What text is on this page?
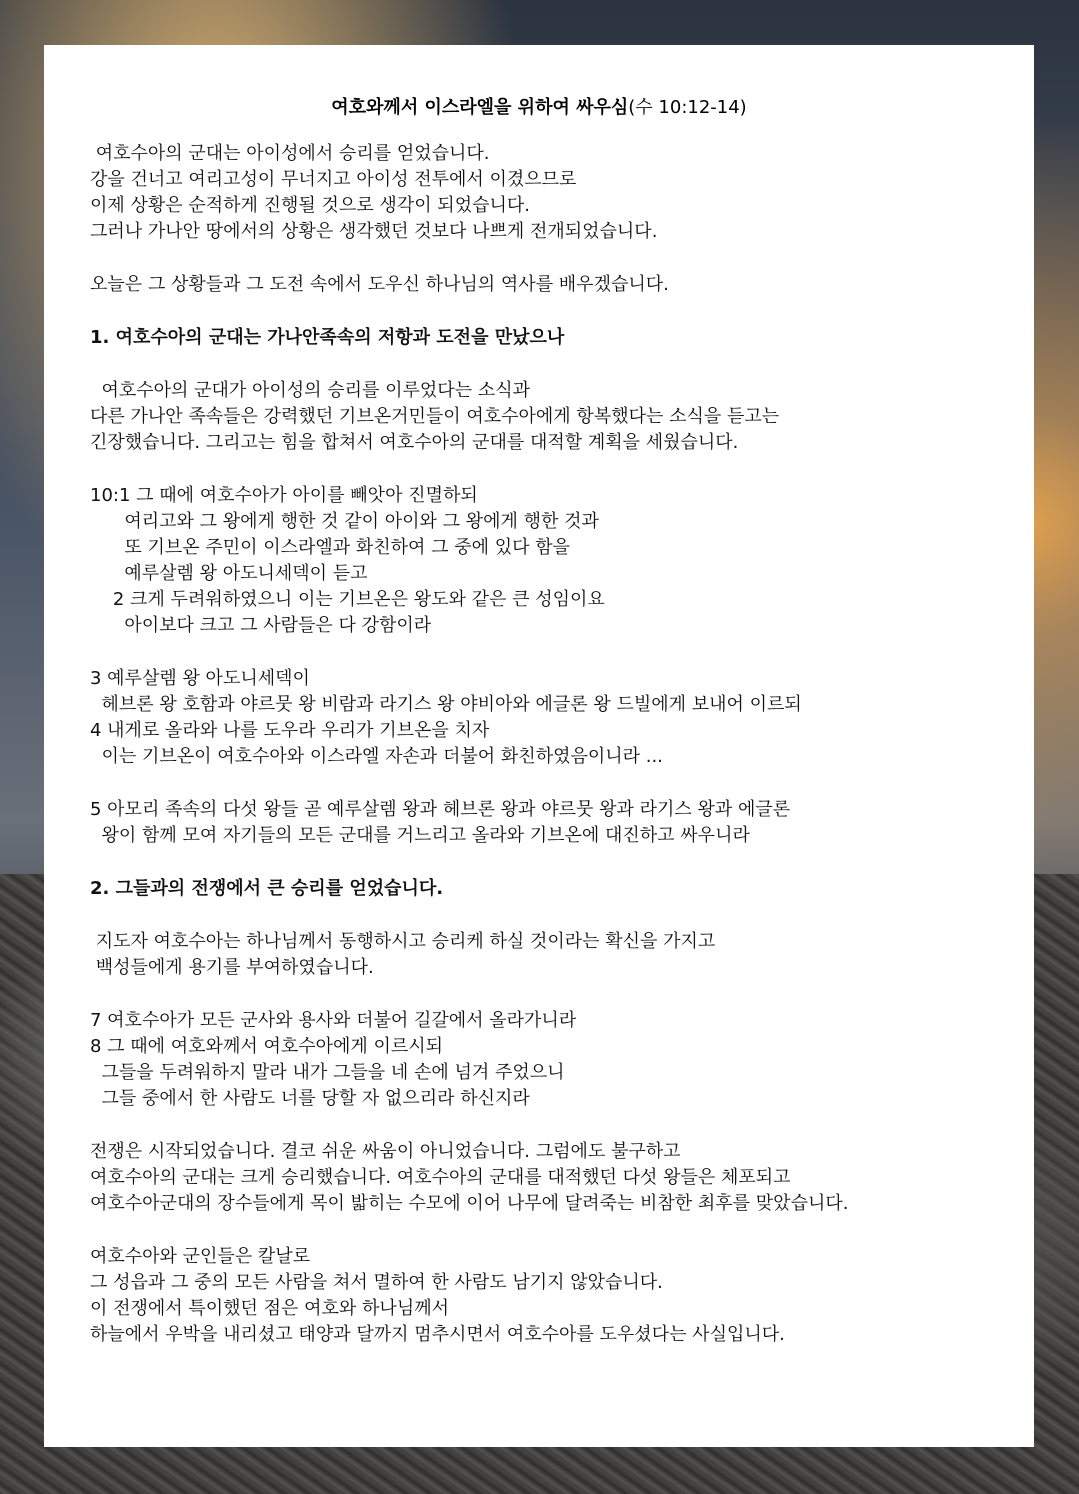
여호와께서 이스라엘을 위하여 싸우심(수 10:12-14)
여호수아의 군대는 아이성에서 승리를 얻었습니다.
강을 건너고 여리고성이 무너지고 아이성 전투에서 이겼으므로
이제 상황은 순적하게 진행될 것으로 생각이 되었습니다.
그러나 가나안 땅에서의 상황은 생각했던 것보다 나쁘게 전개되었습니다.
오늘은 그 상황들과 그 도전 속에서 도우신 하나님의 역사를 배우겠습니다.
1. 여호수아의 군대는 가나안족속의 저항과 도전을 만났으나
여호수아의 군대가 아이성의 승리를 이루었다는 소식과
다른 가나안 족속들은 강력했던 기브온거민들이 여호수아에게 항복했다는 소식을 듣고는
긴장했습니다. 그리고는 힘을 합쳐서 여호수아의 군대를 대적할 계획을 세웠습니다.
10:1 그 때에 여호수아가 아이를 빼앗아 진멸하되
여리고와 그 왕에게 행한 것 같이 아이와 그 왕에게 행한 것과
또 기브온 주민이 이스라엘과 화친하여 그 중에 있다 함을
예루살렘 왕 아도니세덱이 듣고
2 크게 두려워하였으니 이는 기브온은 왕도와 같은 큰 성임이요
아이보다 크고 그 사람들은 다 강함이라
3 예루살렘 왕 아도니세덱이
헤브론 왕 호함과 야르뭇 왕 비람과 라기스 왕 야비아와 에글론 왕 드빌에게 보내어 이르되
4 내게로 올라와 나를 도우라 우리가 기브온을 치자
이는 기브온이 여호수아와 이스라엘 자손과 더불어 화친하였음이니라 ...
5 아모리 족속의 다섯 왕들 곧 예루살렘 왕과 헤브론 왕과 야르뭇 왕과 라기스 왕과 에글론
왕이 함께 모여 자기들의 모든 군대를 거느리고 올라와 기브온에 대진하고 싸우니라
2. 그들과의 전쟁에서 큰 승리를 얻었습니다.
지도자 여호수아는 하나님께서 동행하시고 승리케 하실 것이라는 확신을 가지고
백성들에게 용기를 부여하였습니다.
7 여호수아가 모든 군사와 용사와 더불어 길갈에서 올라가니라
8 그 때에 여호와께서 여호수아에게 이르시되
그들을 두려워하지 말라 내가 그들을 네 손에 넘겨 주었으니
그들 중에서 한 사람도 너를 당할 자 없으리라 하신지라
전쟁은 시작되었습니다. 결코 쉬운 싸움이 아니었습니다. 그럼에도 불구하고
여호수아의 군대는 크게 승리했습니다. 여호수아의 군대를 대적했던 다섯 왕들은 체포되고
여호수아군대의 장수들에게 목이 밟히는 수모에 이어 나무에 달려죽는 비참한 최후를 맞았습니다.
여호수아와 군인들은 칼날로
그 성읍과 그 중의 모든 사람을 쳐서 멸하여 한 사람도 남기지 않았습니다.
이 전쟁에서 특이했던 점은 여호와 하나님께서
하늘에서 우박을 내리셨고 태양과 달까지 멈추시면서 여호수아를 도우셨다는 사실입니다.
